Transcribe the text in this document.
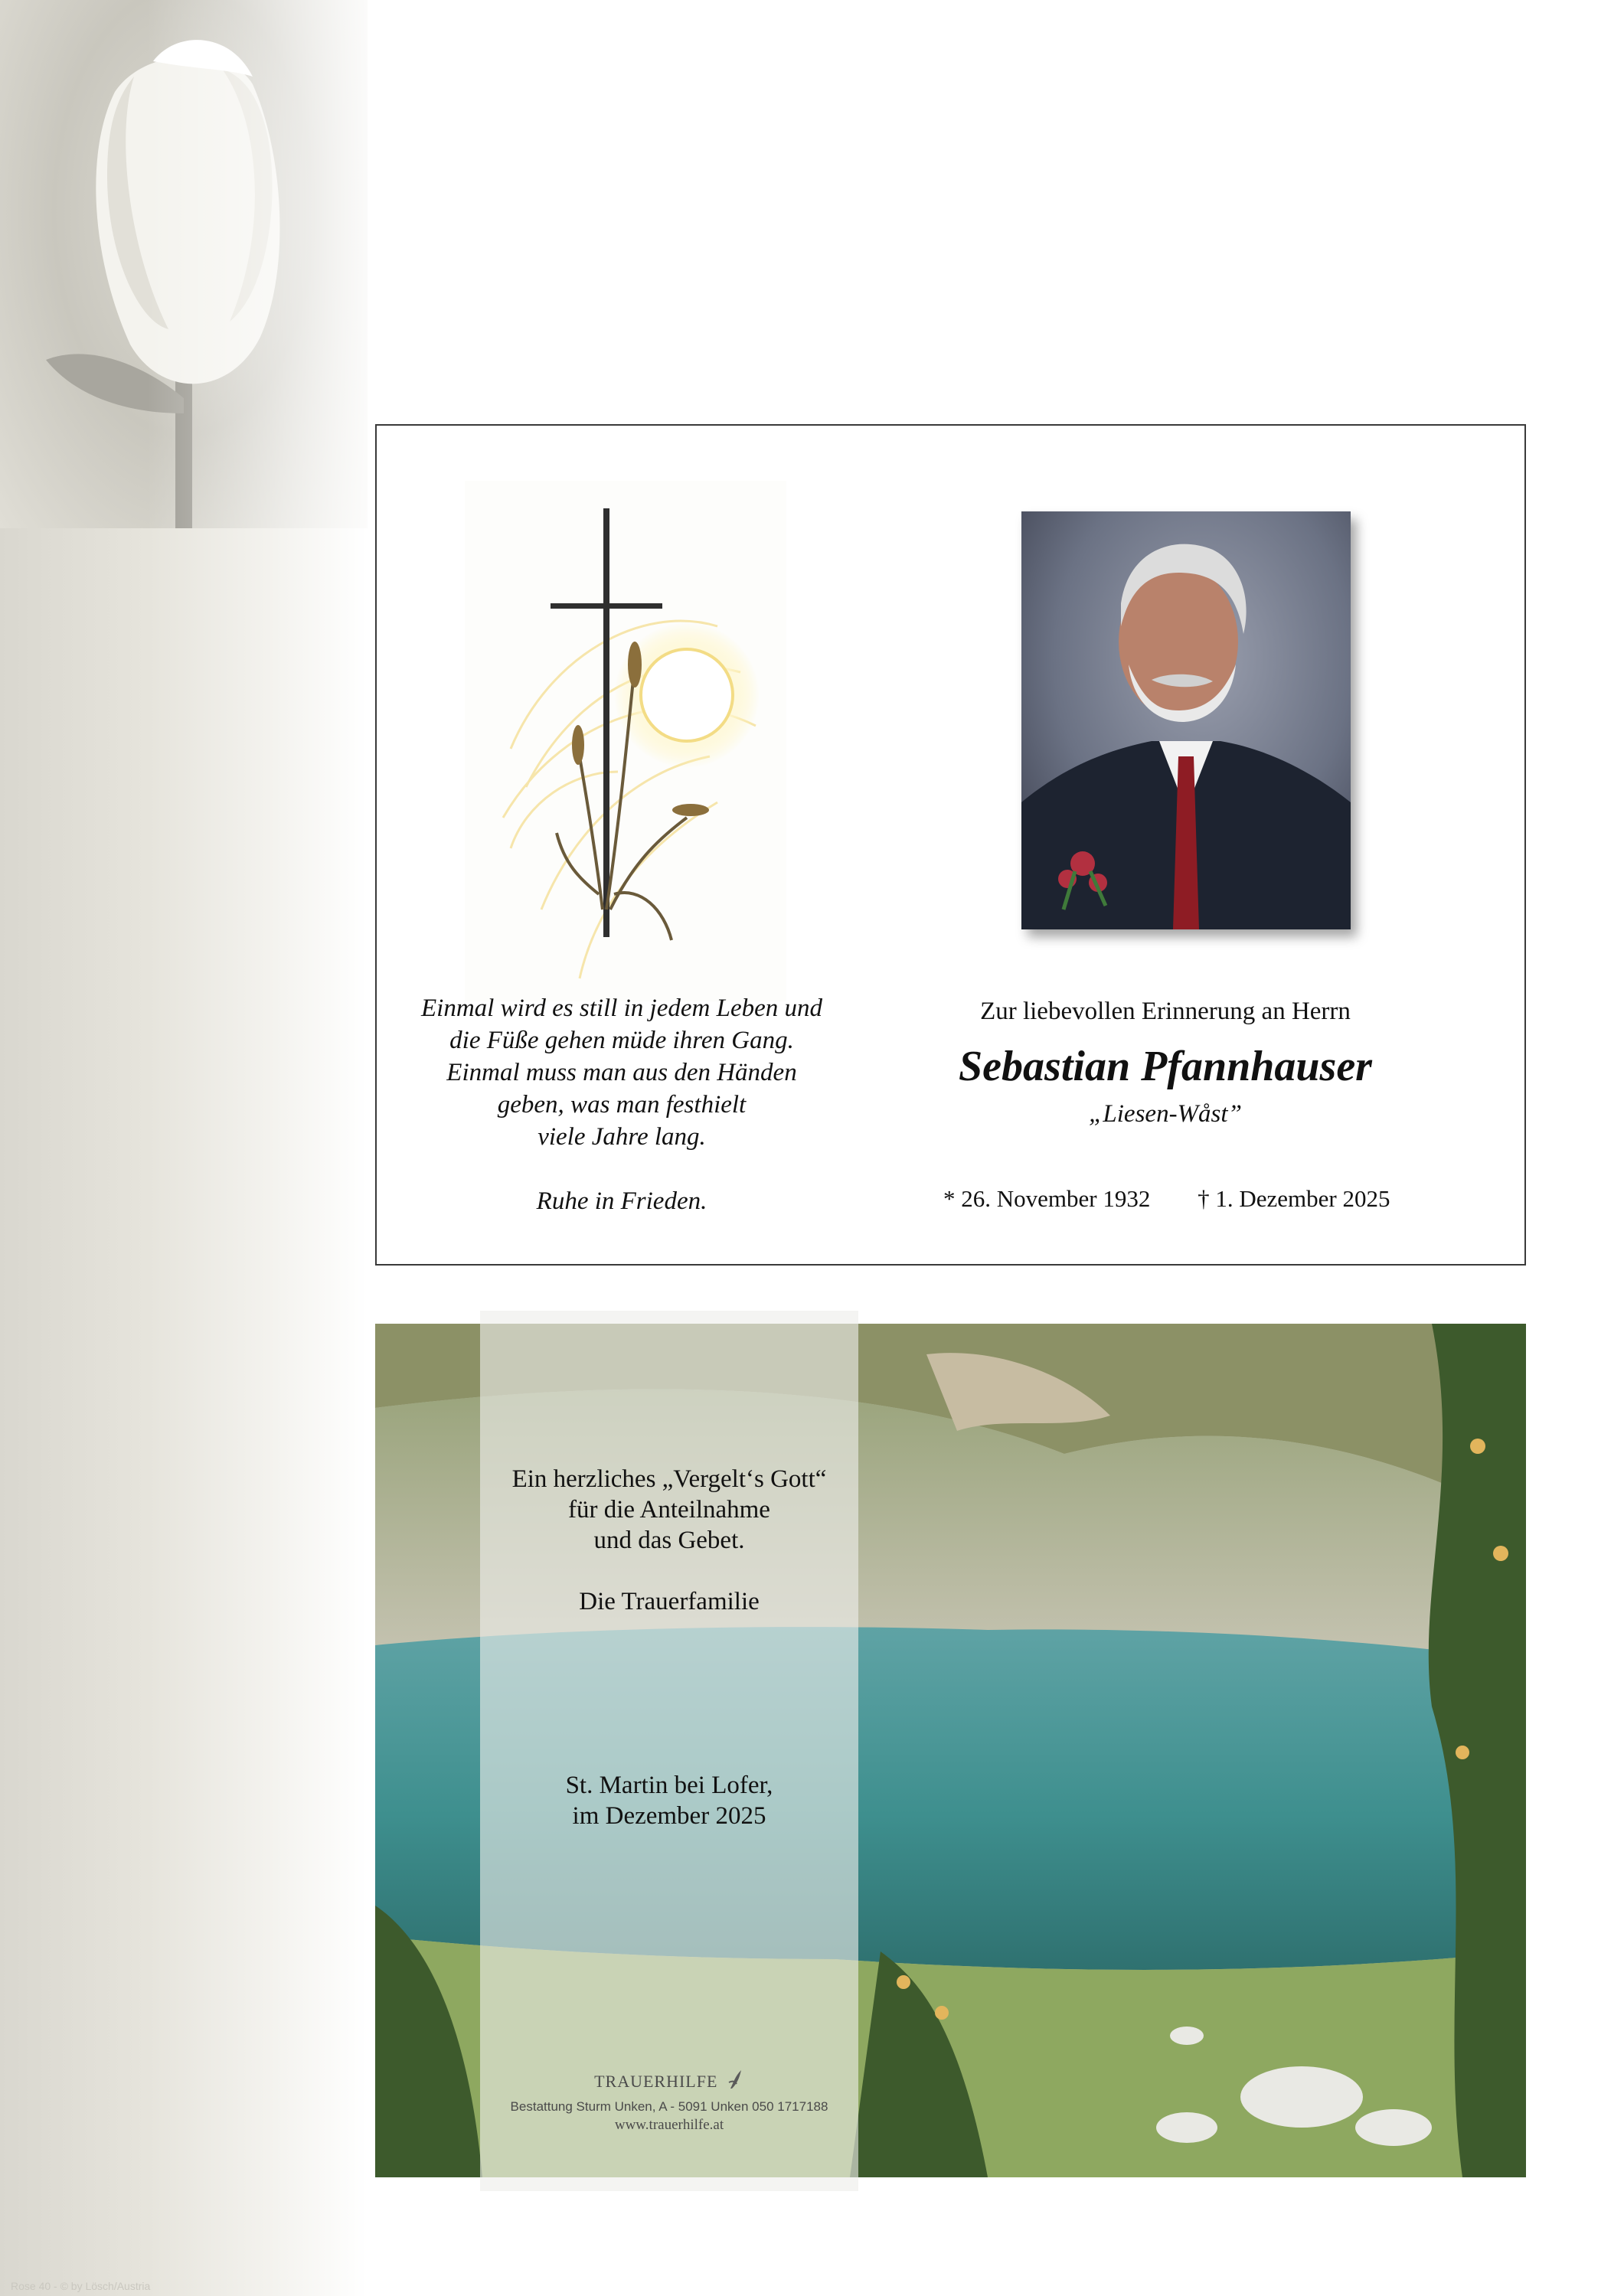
Rose 40 - © by Lösch/Austria
Einmal wird es still in jedem Leben und
die Füße gehen müde ihren Gang.
Einmal muss man aus den Händen
geben, was man festhielt
viele Jahre lang.
Ruhe in Frieden.
Zur liebevollen Erinnerung an Herrn
Sebastian Pfannhauser
„Liesen-Wåst”
* 26. November 1932 † 1. Dezember 2025
Ein herzliches „Vergelt‘s Gott“
für die Anteilnahme
und das Gebet.
Die Trauerfamilie
St. Martin bei Lofer,
im Dezember 2025
TRAUERHILFE
Bestattung Sturm Unken, A - 5091 Unken 050 1717188
www.trauerhilfe.at
